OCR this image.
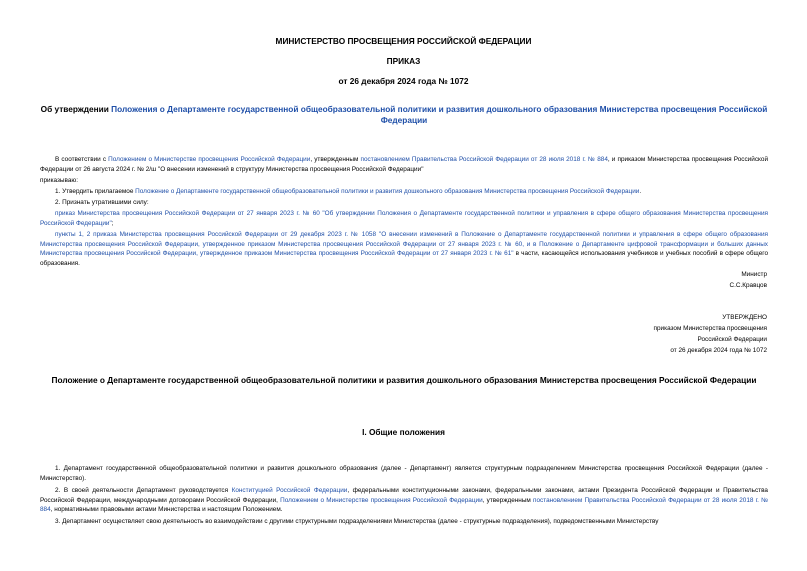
МИНИСТЕРСТВО ПРОСВЕЩЕНИЯ РОССИЙСКОЙ ФЕДЕРАЦИИ
ПРИКАЗ
от 26 декабря 2024 года № 1072
Об утверждении Положения о Департаменте государственной общеобразовательной политики и развития дошкольного образования Министерства просвещения Российской Федерации
В соответствии с Положением о Министерстве просвещения Российской Федерации, утвержденным постановлением Правительства Российской Федерации от 28 июля 2018 г. № 884, и приказом Министерства просвещения Российской Федерации от 26 августа 2024 г. № 2/ш "О внесении изменений в структуру Министерства просвещения Российской Федерации"
приказываю:
1. Утвердить прилагаемое Положение о Департаменте государственной общеобразовательной политики и развития дошкольного образования Министерства просвещения Российской Федерации.
2. Признать утратившими силу:
приказ Министерства просвещения Российской Федерации от 27 января 2023 г. № 60 "Об утверждении Положения о Департаменте государственной политики и управления в сфере общего образования Министерства просвещения Российской Федерации";
пункты 1, 2 приказа Министерства просвещения Российской Федерации от 29 декабря 2023 г. № 1058 "О внесении изменений в Положение о Департаменте государственной политики и управления в сфере общего образования Министерства просвещения Российской Федерации, утвержденное приказом Министерства просвещения Российской Федерации от 27 января 2023 г. № 60, и в Положение о Департаменте цифровой трансформации и больших данных Министерства просвещения Российской Федерации, утвержденное приказом Министерства просвещения Российской Федерации от 27 января 2023 г. № 61" в части, касающейся использования учебников и учебных пособий в сфере общего образования.
Министр
С.С.Кравцов
УТВЕРЖДЕНО
приказом Министерства просвещения
Российской Федерации
от 26 декабря 2024 года № 1072
Положение о Департаменте государственной общеобразовательной политики и развития дошкольного образования Министерства просвещения Российской Федерации
I. Общие положения
1. Департамент государственной общеобразовательной политики и развития дошкольного образования (далее - Департамент) является структурным подразделением Министерства просвещения Российской Федерации (далее - Министерство).
2. В своей деятельности Департамент руководствуется Конституцией Российской Федерации, федеральными конституционными законами, федеральными законами, актами Президента Российской Федерации и Правительства Российской Федерации, международными договорами Российской Федерации, Положением о Министерстве просвещения Российской Федерации, утвержденным постановлением Правительства Российской Федерации от 28 июля 2018 г. № 884, нормативными правовыми актами Министерства и настоящим Положением.
3. Департамент осуществляет свою деятельность во взаимодействии с другими структурными подразделениями Министерства (далее - структурные подразделения), подведомственными Министерству
